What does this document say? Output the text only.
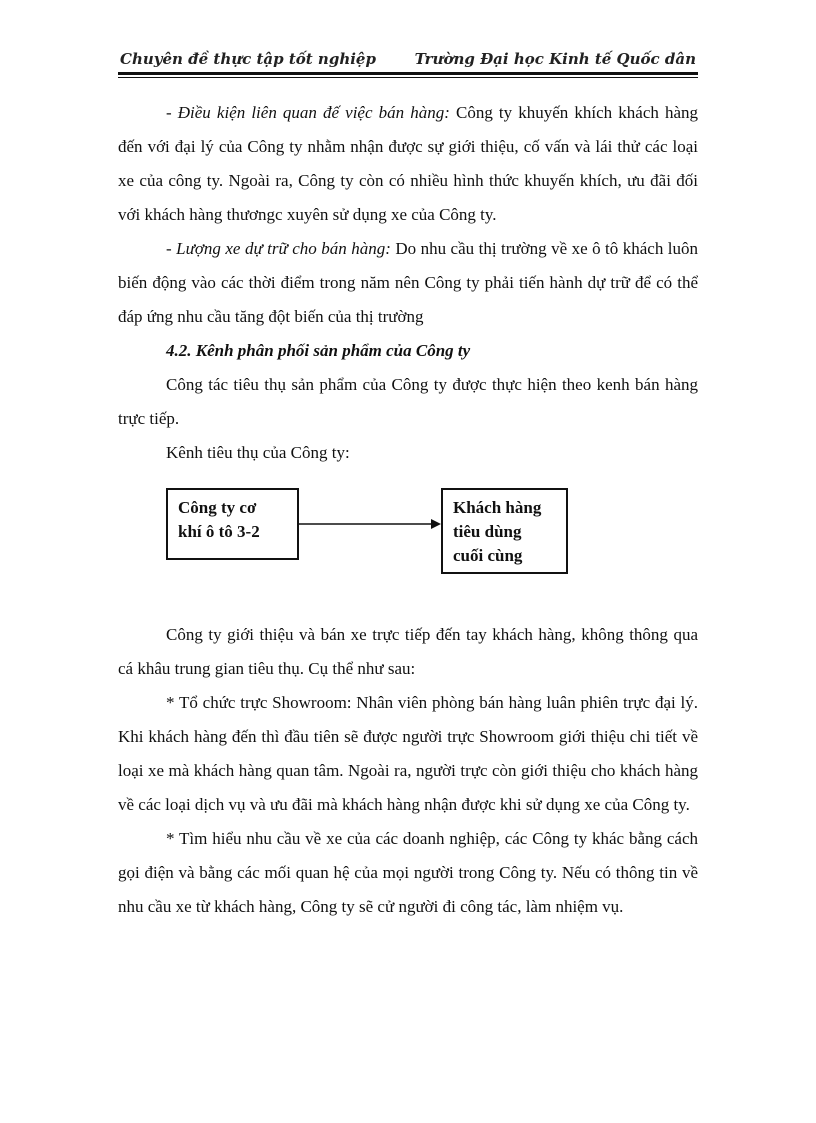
Chuyên đề thực tập tốt nghiệp	Trường Đại học Kinh tế Quốc dân

- Điều kiện liên quan đế việc bán hàng: Công ty khuyến khích khách hàng đến với đại lý của Công ty nhằm nhận được sự giới thiệu, cố vấn và lái thử các loại xe của công ty. Ngoài ra, Công ty còn có nhiều hình thức khuyến khích, ưu đãi đối với khách hàng thươngc xuyên sử dụng xe của Công ty.

- Lượng xe dự trữ cho bán hàng: Do nhu cầu thị trường về xe ô tô khách luôn biến động vào các thời điểm trong năm nên Công ty phải tiến hành dự trữ để có thể đáp ứng nhu cầu tăng đột biến của thị trường

4.2. Kênh phân phối sản phẩm của Công ty

Công tác tiêu thụ sản phẩm của Công ty được thực hiện theo kenh bán hàng trực tiếp.

Kênh tiêu thụ của Công ty:

Công ty cơ
khí ô tô 3-2
Khách hàng
tiêu dùng
cuối cùng

Công ty giới thiệu và bán xe trực tiếp đến tay khách hàng, không thông qua cá khâu trung gian tiêu thụ. Cụ thể như sau:

* Tổ chức trực Showroom: Nhân viên phòng bán hàng luân phiên trực đại lý. Khi khách hàng đến thì đầu tiên sẽ được người trực Showroom giới thiệu chi tiết về loại xe mà khách hàng quan tâm. Ngoài ra, người trực còn giới thiệu cho khách hàng về các loại dịch vụ và ưu đãi mà khách hàng nhận được khi sử dụng xe của Công ty.

* Tìm hiểu nhu cầu về xe của các doanh nghiệp, các Công ty khác bằng cách gọi điện và bằng các mối quan hệ của mọi người trong Công ty. Nếu có thông tin về nhu cầu xe từ khách hàng, Công ty sẽ cử người đi công tác, làm nhiệm vụ.
